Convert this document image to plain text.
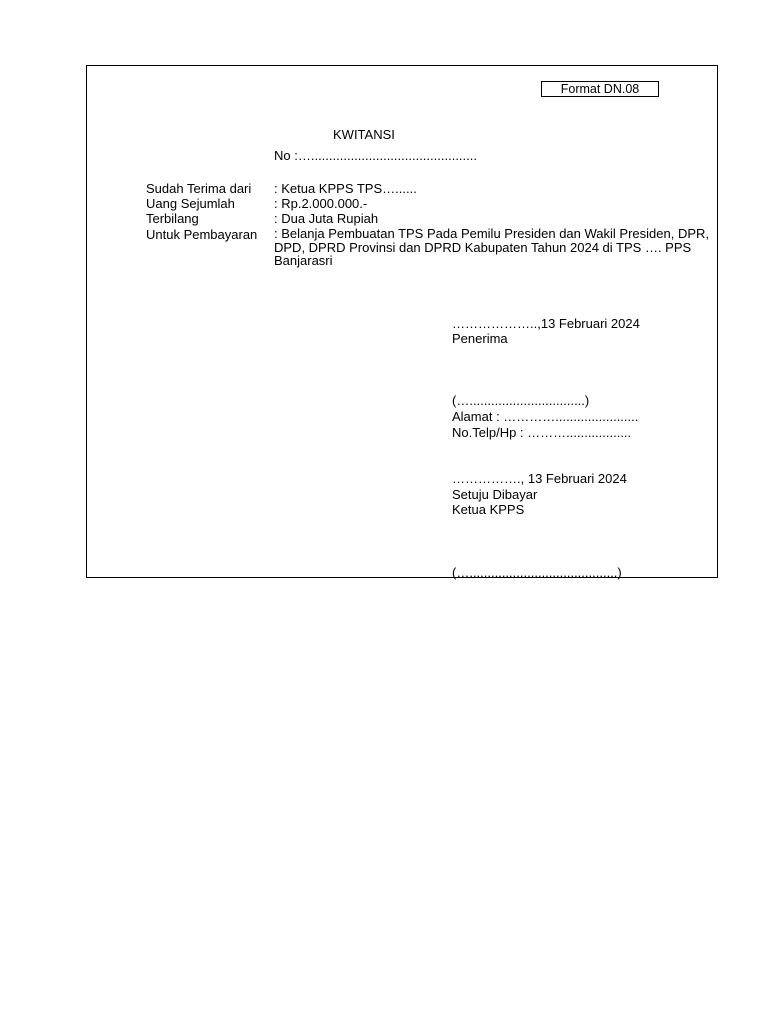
Format DN.08
KWITANSI
No :…..............................................
Sudah Terima dari : Ketua KPPS TPS…......
Uang Sejumlah	: Rp.2.000.000.-
Terbilang	: Dua Juta Rupiah
Untuk Pembayaran : Belanja Pembuatan TPS Pada Pemilu Presiden dan Wakil Presiden, DPR, DPD, DPRD Provinsi dan DPRD Kabupaten Tahun 2024 di TPS …. PPS Banjarasri
………………..,13 Februari 2024
Penerima
(…................................)
Alamat : ………….......................
No.Telp/Hp : ………..................
……………., 13 Februari 2024
Setuju Dibayar
Ketua KPPS
(….........................................)
